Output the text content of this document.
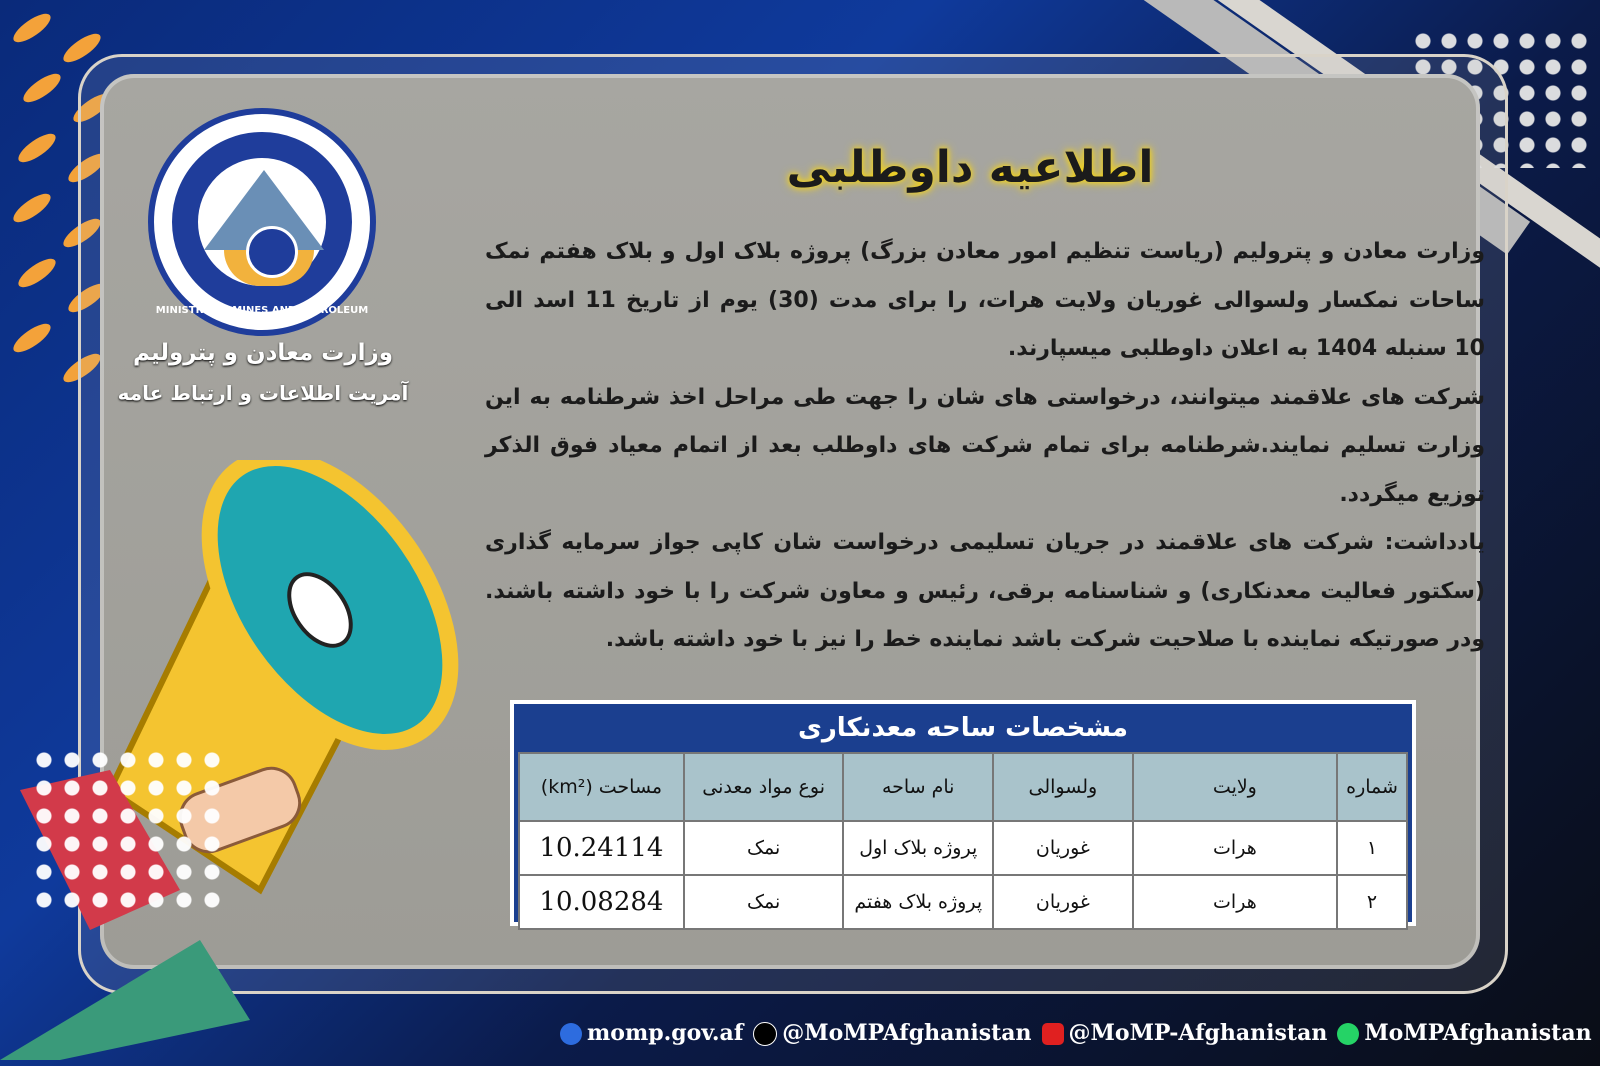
MINISTRY OF MINES AND PETROLEUM
وزارت معادن و پترولیم
آمریت اطلاعات و ارتباط عامه
اطلاعیه داوطلبی

وزارت معادن و پترولیم (ریاست تنظیم امور معادن بزرگ) پروژه بلاک اول و بلاک هفتم نمک ساحات نمکسار ولسوالی غوریان ولایت هرات، را برای مدت (30) یوم از تاریخ 11 اسد الی 10 سنبله 1404 به اعلان داوطلبی میسپارند.

شرکت های علاقمند میتوانند، درخواستی های شان را جهت طی مراحل اخذ شرطنامه به این وزارت تسلیم نمایند.شرطنامه برای تمام شرکت های داوطلب بعد از اتمام معیاد فوق الذکر توزیع میگردد.

یادداشت: شرکت های علاقمند در جریان تسلیمی درخواست شان کاپی جواز سرمایه گذاری (سکتور فعالیت معدنکاری) و شناسنامه برقی، رئیس و معاون شرکت را با خود داشته باشند. ودر صورتیکه نماینده با صلاحیت شرکت باشد نماینده خط را نیز با خود داشته باشد.

مشخصات ساحه معدنکاری
شماره	ولایت	ولسوالی	نام ساحه	نوع مواد معدنی	مساحت (km²)
۱	هرات	غوریان	پروژه بلاک اول	نمک	10.24114
۲	هرات	غوریان	پروژه بلاک هفتم	نمک	10.08284
momp.gov.af	@MoMPAfghanistan	@MoMP-Afghanistan	MoMPAfghanistan
